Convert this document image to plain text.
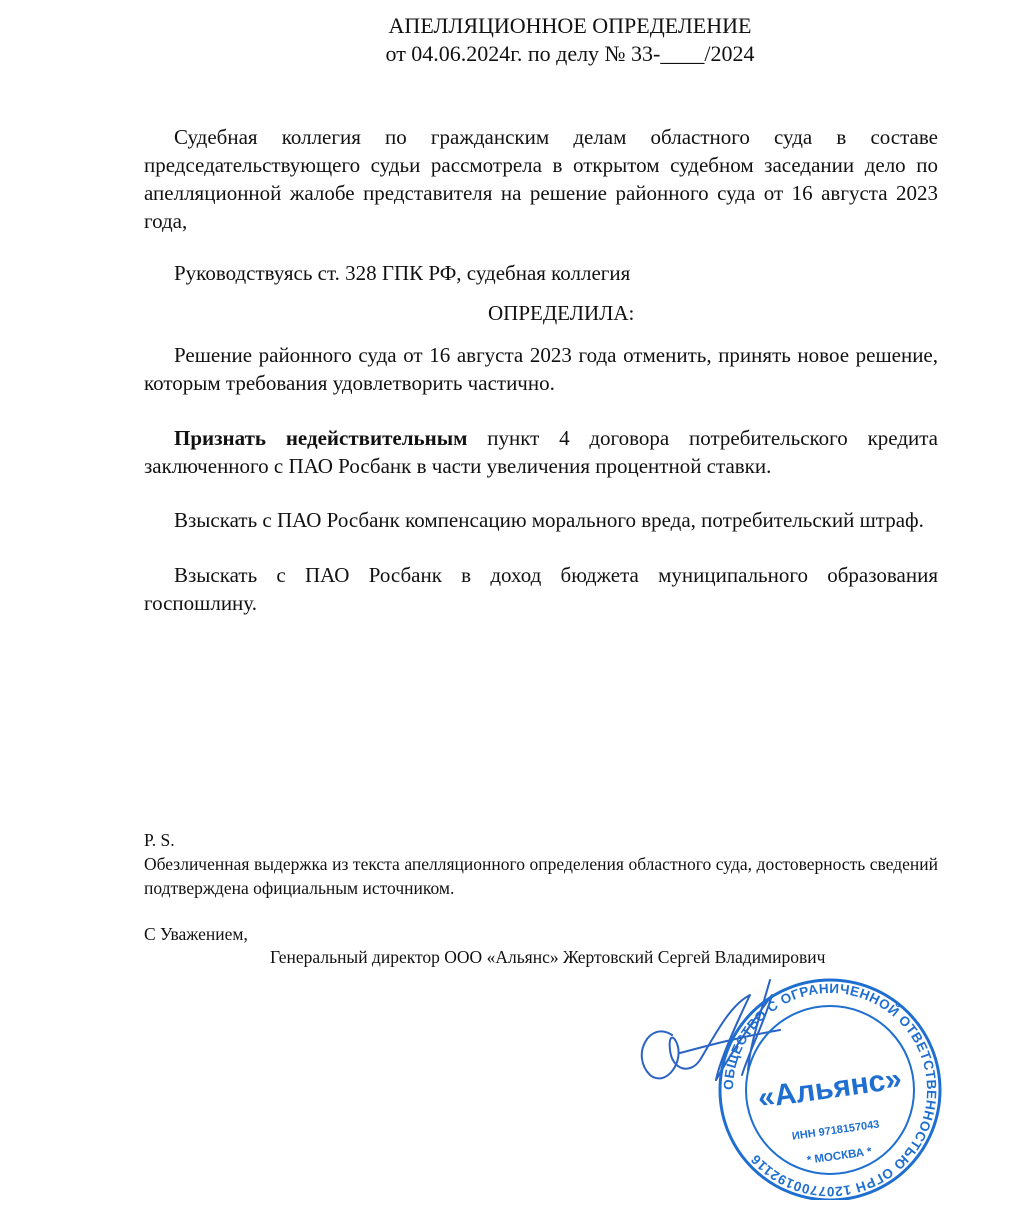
АПЕЛЛЯЦИОННОЕ ОПРЕДЕЛЕНИЕ
от 04.06.2024г. по делу № 33-____/2024
Судебная коллегия по гражданским делам областного суда в составе председательствующего судьи рассмотрела в открытом судебном заседании дело по апелляционной жалобе представителя на решение районного суда от 16 августа 2023 года,
Руководствуясь ст. 328 ГПК РФ, судебная коллегия
ОПРЕДЕЛИЛА:
Решение районного суда от 16 августа 2023 года отменить, принять новое решение, которым требования удовлетворить частично.
Признать недействительным пункт 4 договора потребительского кредита заключенного с ПАО Росбанк в части увеличения процентной ставки.
Взыскать с ПАО Росбанк компенсацию морального вреда, потребительский штраф.
Взыскать с ПАО Росбанк в доход бюджета муниципального образования госпошлину.
P. S.
Обезличенная выдержка из текста апелляционного определения областного суда, достоверность сведений подтверждена официальным источником.
С Уважением,
Генеральный директор ООО «Альянс» Жертовский Сергей Владимирович
ОБЩЕСТВО С ОГРАНИЧЕННОЙ ОТВЕТСТВЕННОСТЬЮ ОГРН 1207700192116
«Альянс»
ИНН 9718157043
* МОСКВА *
